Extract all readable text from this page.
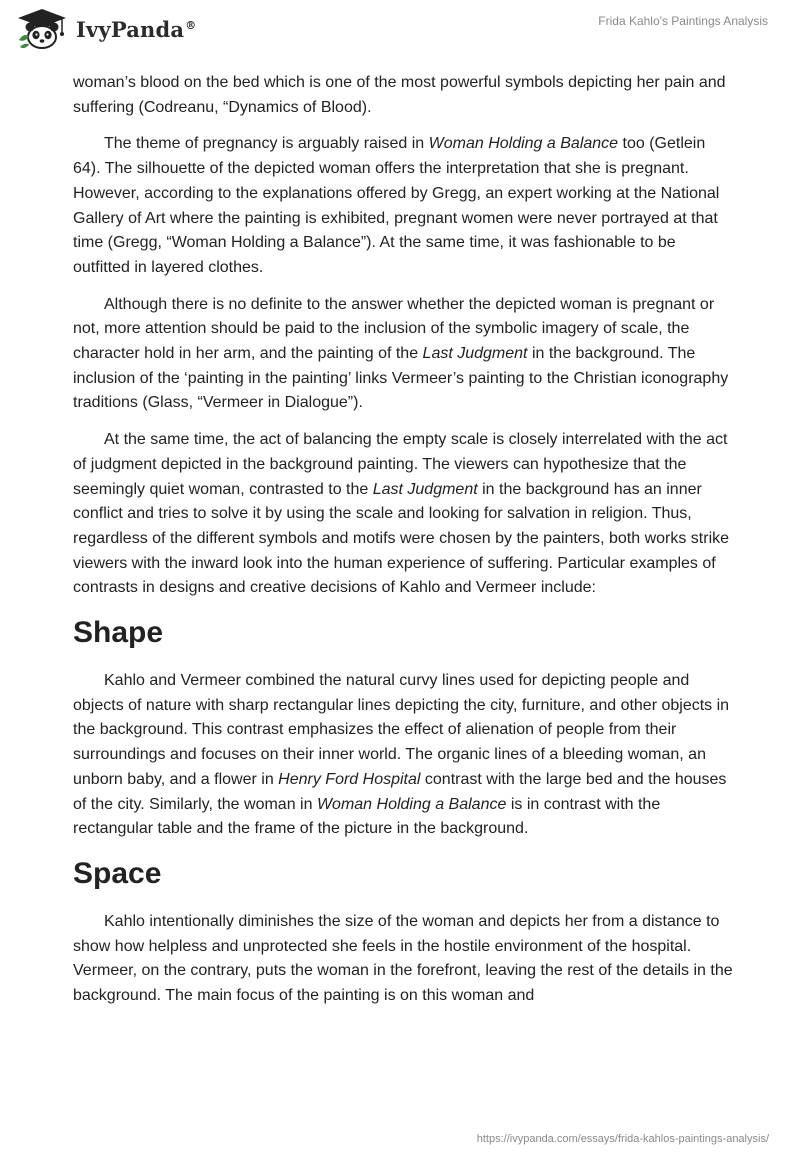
IvyPanda®	Frida Kahlo's Paintings Analysis

woman’s blood on the bed which is one of the most powerful symbols depicting her pain and suffering (Codreanu, “Dynamics of Blood).

The theme of pregnancy is arguably raised in Woman Holding a Balance too (Getlein 64). The silhouette of the depicted woman offers the interpretation that she is pregnant. However, according to the explanations offered by Gregg, an expert working at the National Gallery of Art where the painting is exhibited, pregnant women were never portrayed at that time (Gregg, “Woman Holding a Balance”). At the same time, it was fashionable to be outfitted in layered clothes.

Although there is no definite to the answer whether the depicted woman is pregnant or not, more attention should be paid to the inclusion of the symbolic imagery of scale, the character hold in her arm, and the painting of the Last Judgment in the background. The inclusion of the ‘painting in the painting’ links Vermeer’s painting to the Christian iconography traditions (Glass, “Vermeer in Dialogue”).

At the same time, the act of balancing the empty scale is closely interrelated with the act of judgment depicted in the background painting. The viewers can hypothesize that the seemingly quiet woman, contrasted to the Last Judgment in the background has an inner conflict and tries to solve it by using the scale and looking for salvation in religion. Thus, regardless of the different symbols and motifs were chosen by the painters, both works strike viewers with the inward look into the human experience of suffering. Particular examples of contrasts in designs and creative decisions of Kahlo and Vermeer include:

Shape

Kahlo and Vermeer combined the natural curvy lines used for depicting people and objects of nature with sharp rectangular lines depicting the city, furniture, and other objects in the background. This contrast emphasizes the effect of alienation of people from their surroundings and focuses on their inner world. The organic lines of a bleeding woman, an unborn baby, and a flower in Henry Ford Hospital contrast with the large bed and the houses of the city. Similarly, the woman in Woman Holding a Balance is in contrast with the rectangular table and the frame of the picture in the background.

Space

Kahlo intentionally diminishes the size of the woman and depicts her from a distance to show how helpless and unprotected she feels in the hostile environment of the hospital. Vermeer, on the contrary, puts the woman in the forefront, leaving the rest of the details in the background. The main focus of the painting is on this woman and

https://ivypanda.com/essays/frida-kahlos-paintings-analysis/
